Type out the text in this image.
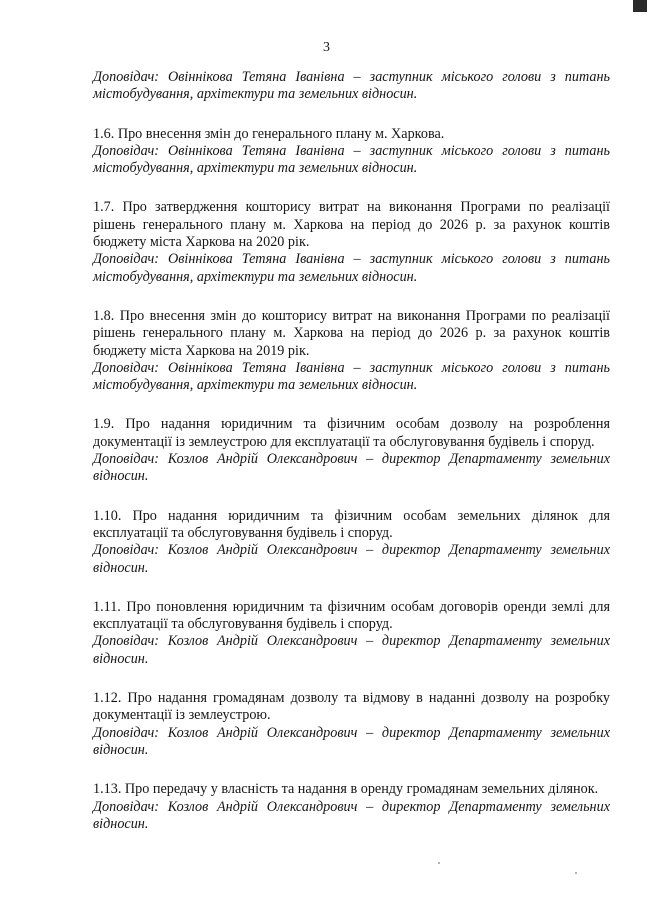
3

Доповідач: Овіннікова Тетяна Іванівна – заступник міського голови з питань містобудування, архітектури та земельних відносин.

1.6. Про внесення змін до генерального плану м. Харкова.

Доповідач: Овіннікова Тетяна Іванівна – заступник міського голови з питань містобудування, архітектури та земельних відносин.

1.7. Про затвердження кошторису витрат на виконання Програми по реалізації рішень генерального плану м. Харкова на період до 2026 р. за рахунок коштів бюджету міста Харкова на 2020 рік.

Доповідач: Овіннікова Тетяна Іванівна – заступник міського голови з питань містобудування, архітектури та земельних відносин.

1.8. Про внесення змін до кошторису витрат на виконання Програми по реалізації рішень генерального плану м. Харкова на період до 2026 р. за рахунок коштів бюджету міста Харкова на 2019 рік.

Доповідач: Овіннікова Тетяна Іванівна – заступник міського голови з питань містобудування, архітектури та земельних відносин.

1.9. Про надання юридичним та фізичним особам дозволу на розроблення документації із землеустрою для експлуатації та обслуговування будівель і споруд.

Доповідач: Козлов Андрій Олександрович – директор Департаменту земельних відносин.

1.10. Про надання юридичним та фізичним особам земельних ділянок для експлуатації та обслуговування будівель і споруд.

Доповідач: Козлов Андрій Олександрович – директор Департаменту земельних відносин.

1.11. Про поновлення юридичним та фізичним особам договорів оренди землі для експлуатації та обслуговування будівель і споруд.

Доповідач: Козлов Андрій Олександрович – директор Департаменту земельних відносин.

1.12. Про надання громадянам дозволу та відмову в наданні дозволу на розробку документації із землеустрою.

Доповідач: Козлов Андрій Олександрович – директор Департаменту земельних відносин.

1.13. Про передачу у власність та надання в оренду громадянам земельних ділянок.

Доповідач: Козлов Андрій Олександрович – директор Департаменту земельних відносин.
